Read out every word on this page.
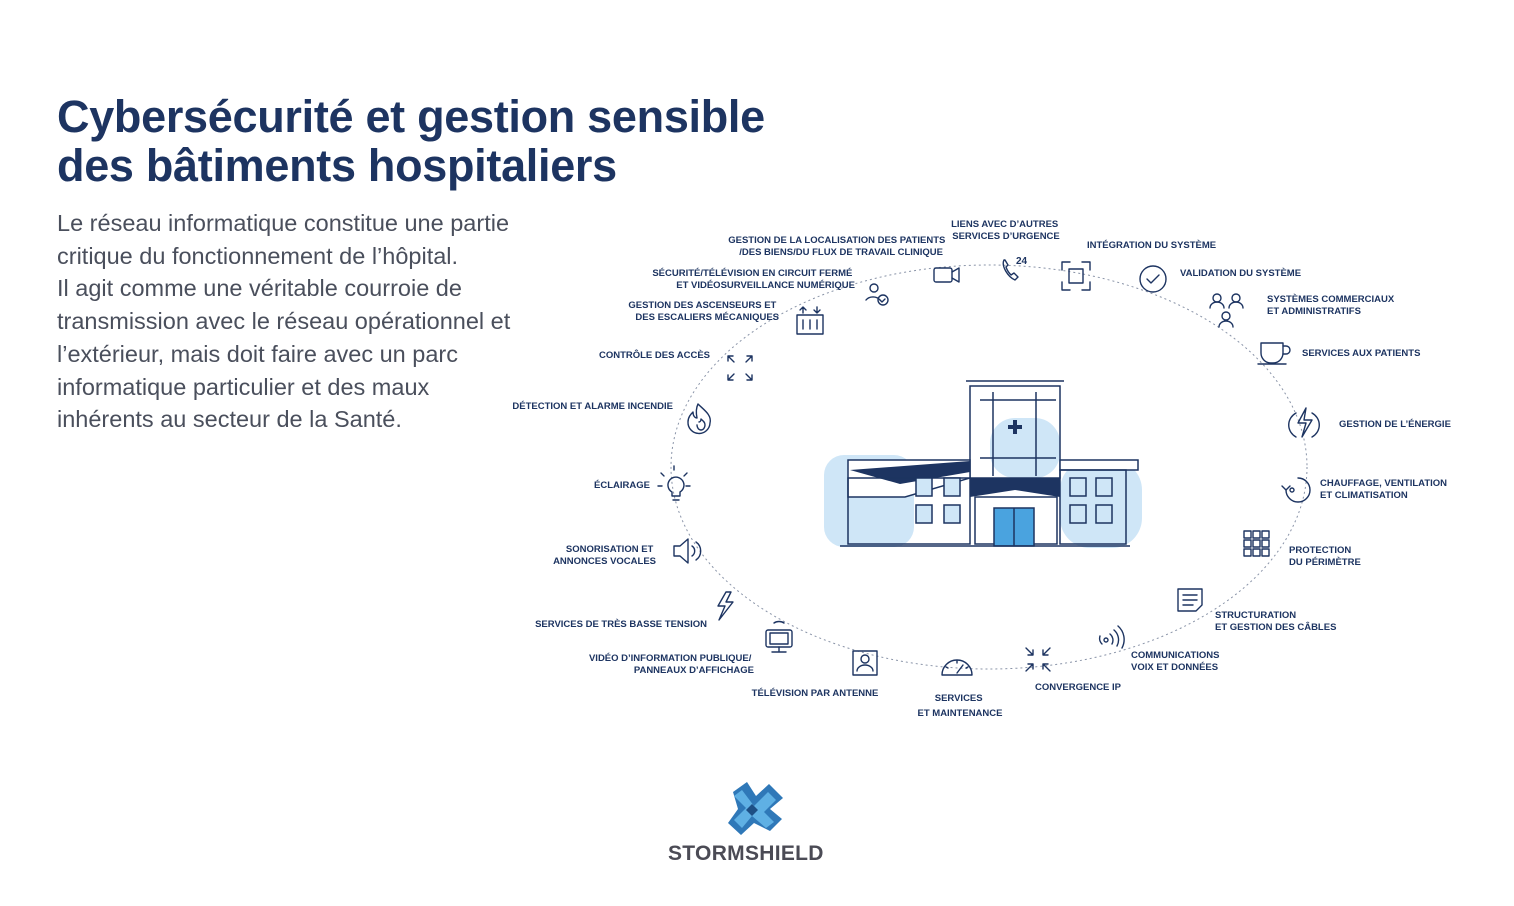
Cybersécurité et gestion sensible
des bâtiments hospitaliers

Le réseau informatique constitue une partie
critique du fonctionnement de l’hôpital.
Il agit comme une véritable courroie de
transmission avec le réseau opérationnel et
l’extérieur, mais doit faire avec un parc
informatique particulier et des maux
inhérents au secteur de la Santé.

24
LIENS AVEC D’AUTRES SERVICES D’URGENCE
INTÉGRATION DU SYSTÈME
VALIDATION DU SYSTÈME
SYSTÈMES COMMERCIAUX ET ADMINISTRATIFS
SERVICES AUX PATIENTS
GESTION DE L’ÉNERGIE
CHAUFFAGE, VENTILATION ET CLIMATISATION
PROTECTION DU PÉRIMÈTRE
STRUCTURATION ET GESTION DES CÂBLES
COMMUNICATIONS VOIX ET DONNÉES
CONVERGENCE IP
SERVICES ET MAINTENANCE
TÉLÉVISION PAR ANTENNE
VIDÉO D’INFORMATION PUBLIQUE/ PANNEAUX D’AFFICHAGE
SERVICES DE TRÈS BASSE TENSION
SONORISATION ET ANNONCES VOCALES
ÉCLAIRAGE
DÉTECTION ET ALARME INCENDIE
CONTRÔLE DES ACCÈS
GESTION DES ASCENSEURS ET DES ESCALIERS MÉCANIQUES
SÉCURITÉ/TÉLÉVISION EN CIRCUIT FERMÉ ET VIDÉOSURVEILLANCE NUMÉRIQUE
GESTION DE LA LOCALISATION DES PATIENTS /DES BIENS/DU FLUX DE TRAVAIL CLINIQUE
STORMSHIELD
